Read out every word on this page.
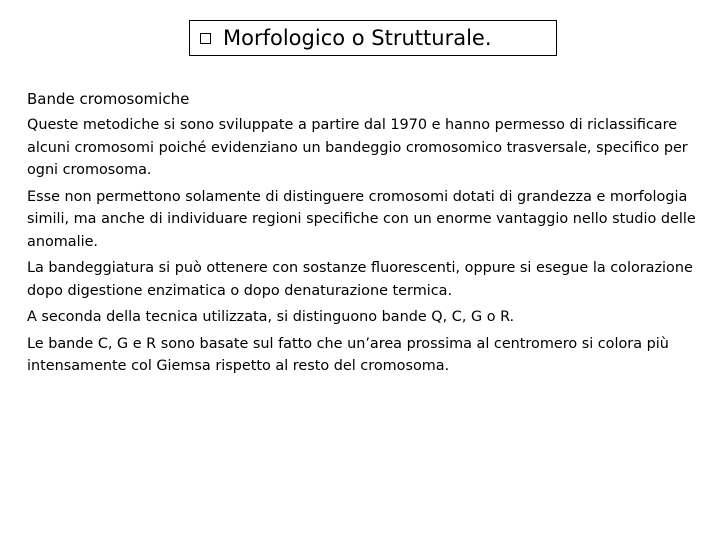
Morfologico o Strutturale.
Bande cromosomiche

Queste metodiche si sono sviluppate a partire dal 1970 e hanno permesso di riclassificare alcuni cromosomi poiché evidenziano un bandeggio cromosomico trasversale, specifico per ogni cromosoma.

Esse non permettono solamente di distinguere cromosomi dotati di grandezza e morfologia simili, ma anche di individuare regioni specifiche con un enorme vantaggio nello studio delle anomalie.

La bandeggiatura si può ottenere con sostanze fluorescenti, oppure si esegue la colorazione dopo digestione enzimatica o dopo denaturazione termica.

A seconda della tecnica utilizzata, si distinguono bande Q, C, G o R.

Le bande C, G e R sono basate sul fatto che un’area prossima al centromero si colora più intensamente col Giemsa rispetto al resto del cromosoma.
